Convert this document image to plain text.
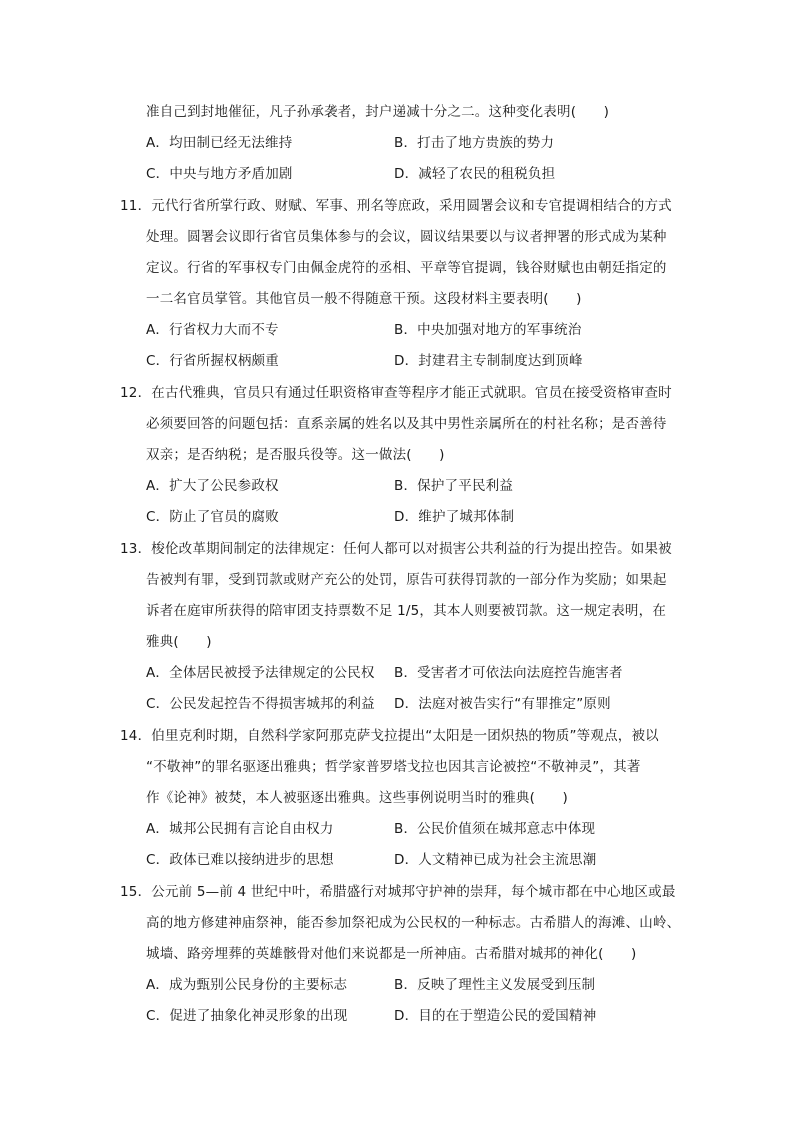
准自己到封地催征，凡子孙承袭者，封户递减十分之二。这种变化表明(　　)
A．均田制已经无法维持	B．打击了地方贵族的势力
C．中央与地方矛盾加剧	D．减轻了农民的租税负担
11．元代行省所掌行政、财赋、军事、刑名等庶政，采用圆署会议和专官提调相结合的方式
处理。圆署会议即行省官员集体参与的会议，圆议结果要以与议者押署的形式成为某种
定议。行省的军事权专门由佩金虎符的丞相、平章等官提调，钱谷财赋也由朝廷指定的
一二名官员掌管。其他官员一般不得随意干预。这段材料主要表明(　　)
A．行省权力大而不专	B．中央加强对地方的军事统治
C．行省所握权柄颇重	D．封建君主专制制度达到顶峰
12．在古代雅典，官员只有通过任职资格审查等程序才能正式就职。官员在接受资格审查时
必须要回答的问题包括：直系亲属的姓名以及其中男性亲属所在的村社名称；是否善待
双亲；是否纳税；是否服兵役等。这一做法(　　)
A．扩大了公民参政权	B．保护了平民利益
C．防止了官员的腐败	D．维护了城邦体制
13．梭伦改革期间制定的法律规定：任何人都可以对损害公共利益的行为提出控告。如果被
告被判有罪，受到罚款或财产充公的处罚，原告可获得罚款的一部分作为奖励；如果起
诉者在庭审所获得的陪审团支持票数不足 1/5，其本人则要被罚款。这一规定表明，在
雅典(　　)
A．全体居民被授予法律规定的公民权 B．受害者才可依法向法庭控告施害者
C．公民发起控告不得损害城邦的利益 D．法庭对被告实行“有罪推定”原则
14．伯里克利时期，自然科学家阿那克萨戈拉提出“太阳是一团炽热的物质”等观点，被以
“不敬神”的罪名驱逐出雅典；哲学家普罗塔戈拉也因其言论被控“不敬神灵”，其著
作《论神》被焚，本人被驱逐出雅典。这些事例说明当时的雅典(　　)
A．城邦公民拥有言论自由权力	B．公民价值须在城邦意志中体现
C．政体已难以接纳进步的思想	D．人文精神已成为社会主流思潮
15．公元前 5—前 4 世纪中叶，希腊盛行对城邦守护神的崇拜，每个城市都在中心地区或最
高的地方修建神庙祭神，能否参加祭祀成为公民权的一种标志。古希腊人的海滩、山岭、
城墙、路旁埋葬的英雄骸骨对他们来说都是一所神庙。古希腊对城邦的神化(　　)
A．成为甄别公民身份的主要标志	B．反映了理性主义发展受到压制
C．促进了抽象化神灵形象的出现	D．目的在于塑造公民的爱国精神
